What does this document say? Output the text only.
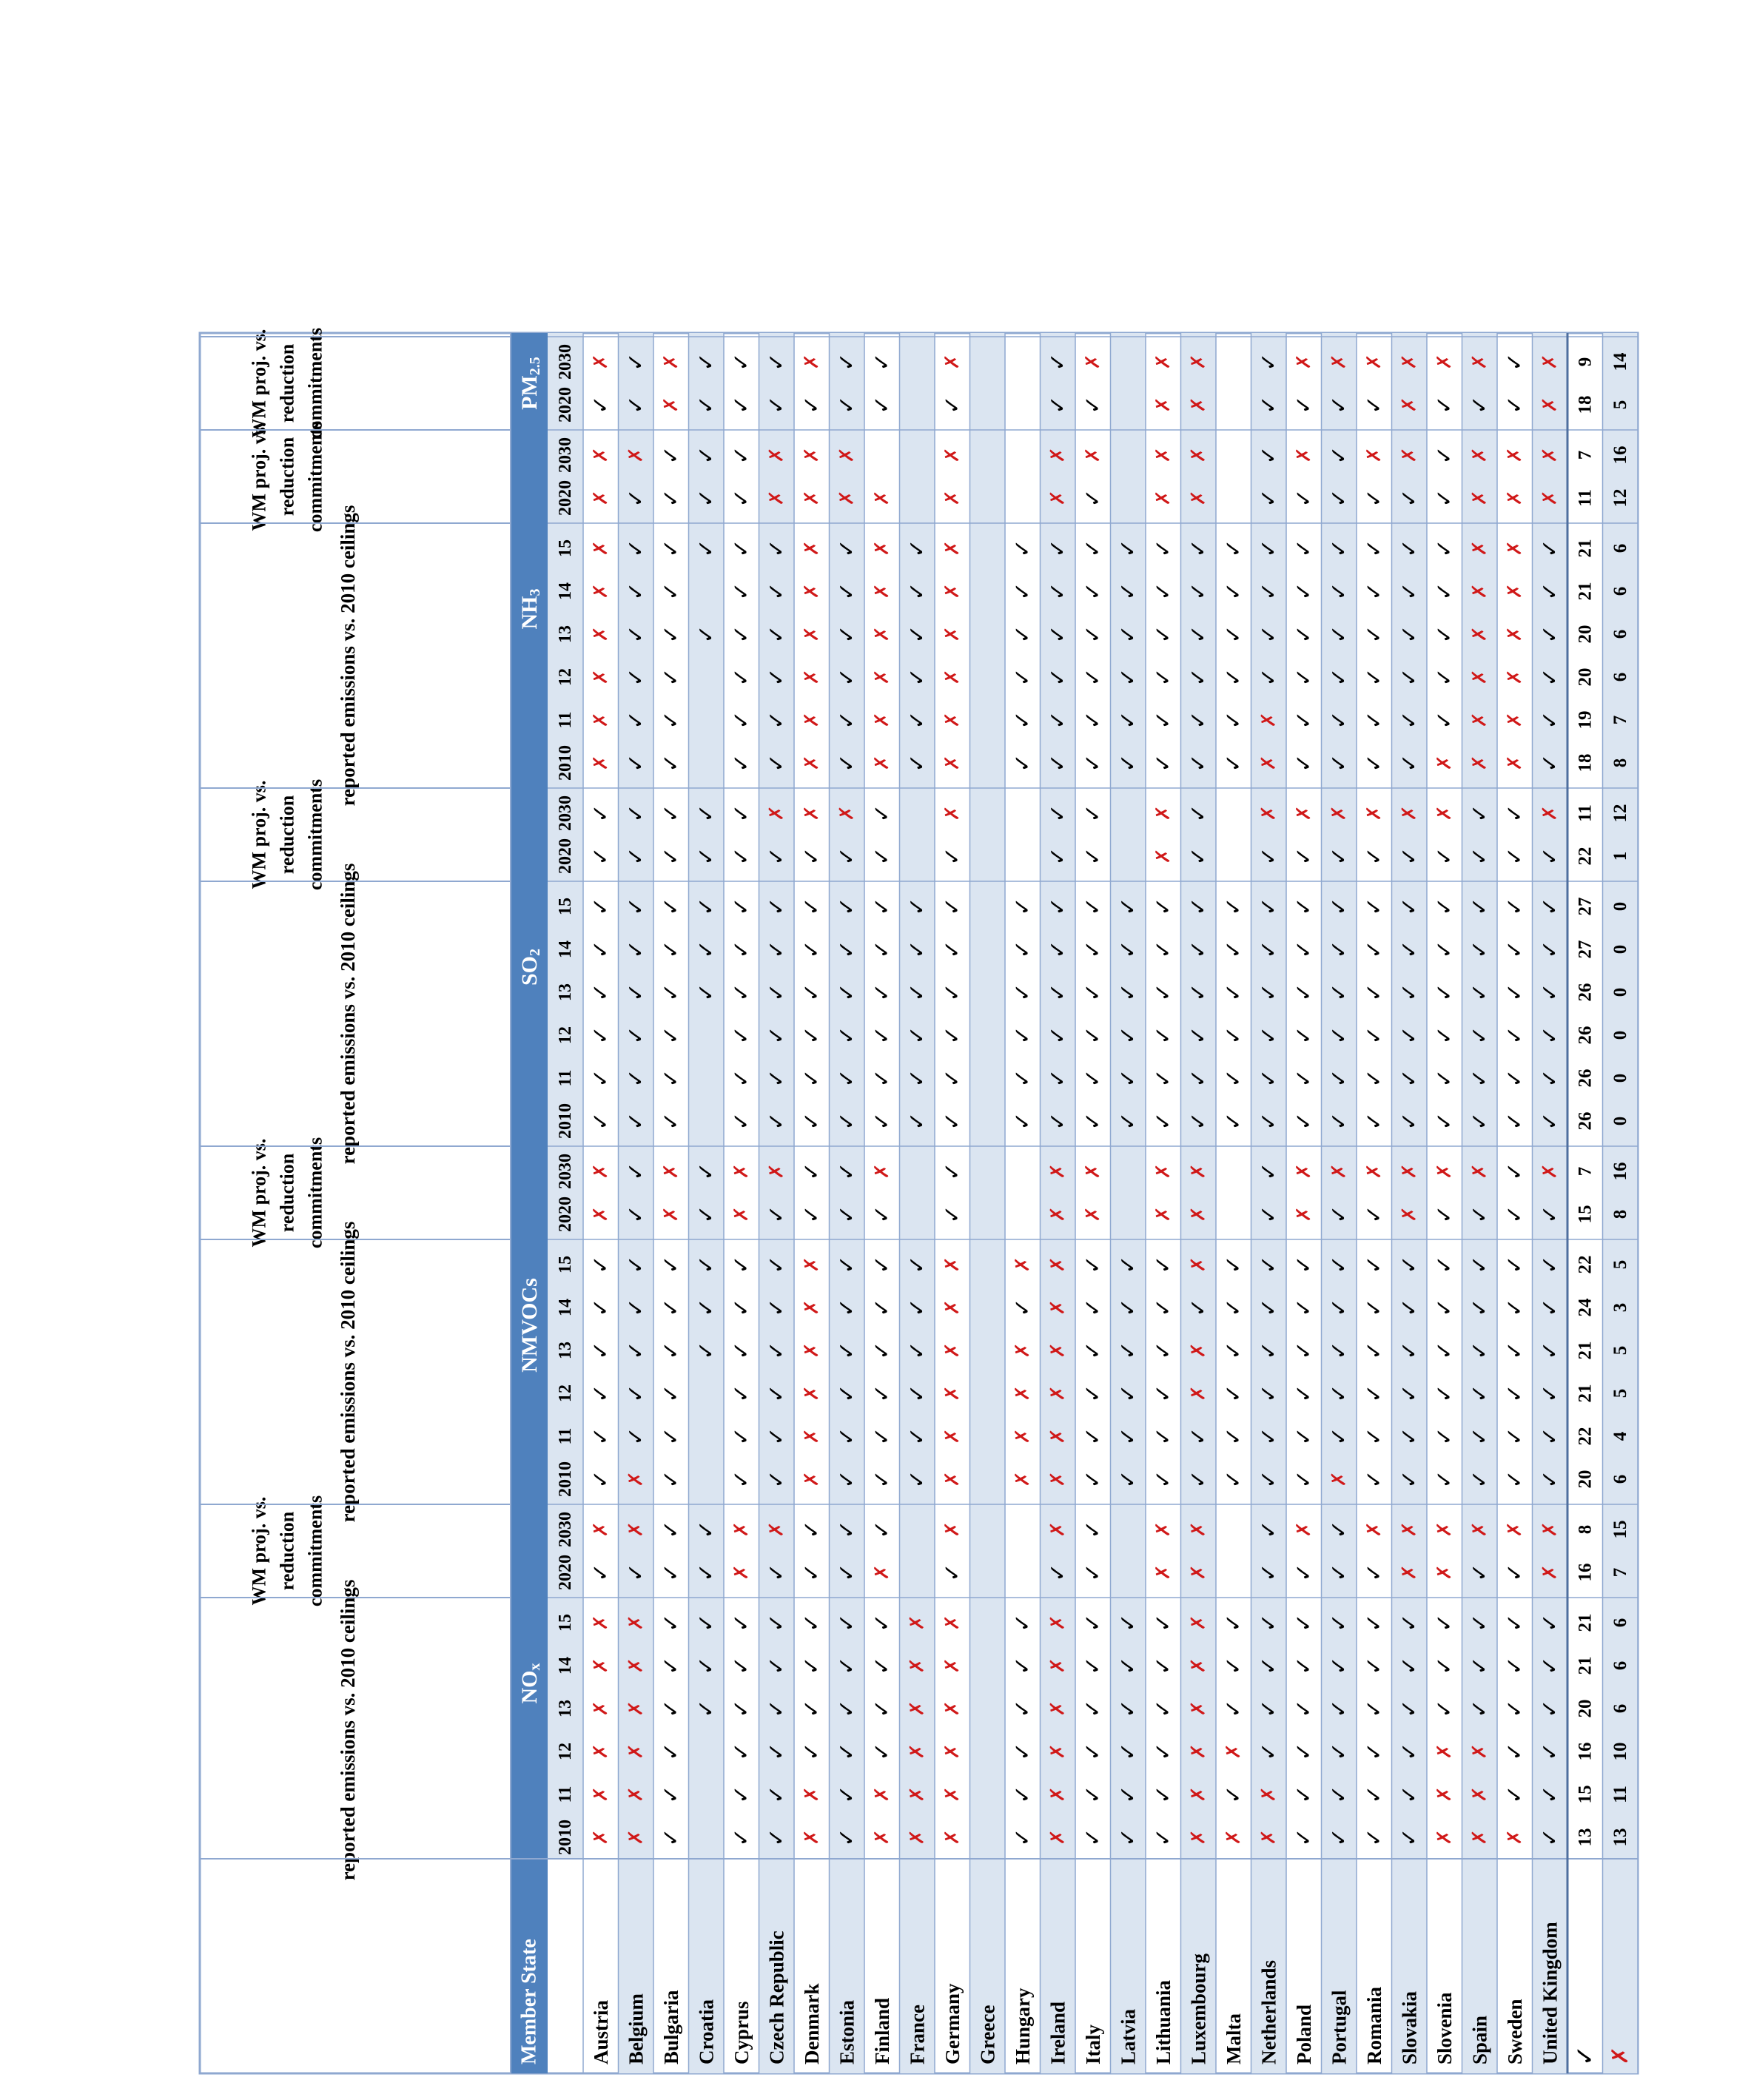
Member State
reported emissions vs. 2010 ceilings
WM proj. vs. reduction commitments
reported emissions vs. 2010 ceilings
WM proj. vs. reduction commitments
reported emissions vs. 2010 ceilings
WM proj. vs. reduction commitments
reported emissions vs. 2010 ceilings
WM proj. vs. reduction commitments
WM proj. vs. reduction commitments
$NO_x$
NMVOCs
$SO_2$
$NH_3$
$PM_{2.5}$
2010
11
12
13
14
15
2020
2030
2010
11
12
13
14
15
2020
2030
2010
11
12
13
14
15
2020
2030
2010
11
12
13
14
15
2020
2030
2020
2030
Austria
✗
✗
✗
✗
✗
✗
✓
✗
✓
✓
✓
✓
✓
✓
✗
✗
✓
✓
✓
✓
✓
✓
✓
✓
✗
✗
✗
✗
✗
✗
✗
✗
✓
✗
Belgium
✗
✗
✗
✗
✗
✗
✓
✗
✗
✓
✓
✓
✓
✓
✓
✓
✓
✓
✓
✓
✓
✓
✓
✓
✓
✓
✓
✓
✓
✓
✓
✗
✓
✓
Bulgaria
✓
✓
✓
✓
✓
✓
✓
✓
✓
✓
✓
✓
✓
✓
✗
✗
✓
✓
✓
✓
✓
✓
✓
✓
✓
✓
✓
✓
✓
✓
✓
✓
✗
✗
Croatia
✓
✓
✓
✓
✓
✓
✓
✓
✓
✓
✓
✓
✓
✓
✓
✓
✓
✓
✓
✓
✓
Cyprus
✓
✓
✓
✓
✓
✓
✗
✗
✓
✓
✓
✓
✓
✓
✗
✗
✓
✓
✓
✓
✓
✓
✓
✓
✓
✓
✓
✓
✓
✓
✓
✓
✓
✓
Czech Republic
✓
✓
✓
✓
✓
✓
✓
✗
✓
✓
✓
✓
✓
✓
✓
✗
✓
✓
✓
✓
✓
✓
✓
✗
✓
✓
✓
✓
✓
✓
✗
✗
✓
✓
Denmark
✗
✗
✓
✓
✓
✓
✓
✓
✗
✗
✗
✗
✗
✗
✓
✓
✓
✓
✓
✓
✓
✓
✓
✗
✗
✗
✗
✗
✗
✗
✗
✗
✓
✗
Estonia
✓
✓
✓
✓
✓
✓
✓
✓
✓
✓
✓
✓
✓
✓
✓
✓
✓
✓
✓
✓
✓
✓
✓
✗
✓
✓
✓
✓
✓
✓
✗
✗
✓
✓
Finland
✗
✗
✓
✓
✓
✓
✗
✓
✓
✓
✓
✓
✓
✓
✓
✗
✓
✓
✓
✓
✓
✓
✓
✓
✗
✗
✗
✗
✗
✗
✗
✓
✓
France
✗
✗
✗
✗
✗
✗
✓
✓
✓
✓
✓
✓
✓
✓
✓
✓
✓
✓
✓
✓
✓
✓
✓
✓
Germany
✗
✗
✗
✗
✗
✗
✓
✗
✗
✗
✗
✗
✗
✗
✓
✓
✓
✓
✓
✓
✓
✓
✓
✗
✗
✗
✗
✗
✗
✗
✗
✗
✓
✗
Greece Hungary
✓
✓
✓
✓
✓
✓
✗
✗
✗
✗
✓
✗
✓
✓
✓
✓
✓
✓
✓
✓
✓
✓
✓
✓
Ireland
✗
✗
✗
✗
✗
✗
✓
✗
✗
✗
✗
✗
✗
✗
✗
✗
✓
✓
✓
✓
✓
✓
✓
✓
✓
✓
✓
✓
✓
✓
✗
✗
✓
✓
Italy
✓
✓
✓
✓
✓
✓
✓
✓
✓
✓
✓
✓
✓
✓
✗
✗
✓
✓
✓
✓
✓
✓
✓
✓
✓
✓
✓
✓
✓
✓
✓
✗
✓
✗
Latvia
✓
✓
✓
✓
✓
✓
✓
✓
✓
✓
✓
✓
✓
✓
✓
✓
✓
✓
✓
✓
✓
✓
✓
✓
Lithuania
✓
✓
✓
✓
✓
✓
✗
✗
✓
✓
✓
✓
✓
✓
✗
✗
✓
✓
✓
✓
✓
✓
✗
✗
✓
✓
✓
✓
✓
✓
✗
✗
✗
✗
Luxembourg
✗
✗
✗
✗
✗
✗
✗
✗
✓
✓
✗
✗
✓
✗
✗
✗
✓
✓
✓
✓
✓
✓
✓
✓
✓
✓
✓
✓
✓
✓
✗
✗
✗
✗
Malta
✗
✓
✗
✓
✓
✓
✓
✓
✓
✓
✓
✓
✓
✓
✓
✓
✓
✓
✓
✓
✓
✓
✓
✓
Netherlands
✗
✗
✓
✓
✓
✓
✓
✓
✓
✓
✓
✓
✓
✓
✓
✓
✓
✓
✓
✓
✓
✓
✓
✗
✗
✗
✓
✓
✓
✓
✓
✓
✓
✓
Poland
✓
✓
✓
✓
✓
✓
✓
✗
✓
✓
✓
✓
✓
✓
✗
✗
✓
✓
✓
✓
✓
✓
✓
✗
✓
✓
✓
✓
✓
✓
✓
✗
✓
✗
Portugal
✓
✓
✓
✓
✓
✓
✓
✓
✗
✓
✓
✓
✓
✓
✓
✗
✓
✓
✓
✓
✓
✓
✓
✗
✓
✓
✓
✓
✓
✓
✓
✓
✓
✗
Romania
✓
✓
✓
✓
✓
✓
✓
✗
✓
✓
✓
✓
✓
✓
✓
✗
✓
✓
✓
✓
✓
✓
✓
✗
✓
✓
✓
✓
✓
✓
✓
✗
✓
✗
Slovakia
✓
✓
✓
✓
✓
✓
✗
✗
✓
✓
✓
✓
✓
✓
✗
✗
✓
✓
✓
✓
✓
✓
✓
✗
✓
✓
✓
✓
✓
✓
✓
✗
✗
✗
Slovenia
✗
✗
✗
✓
✓
✓
✗
✗
✓
✓
✓
✓
✓
✓
✓
✗
✓
✓
✓
✓
✓
✓
✓
✗
✗
✓
✓
✓
✓
✓
✓
✓
✓
✗
Spain
✗
✗
✗
✓
✓
✓
✓
✗
✓
✓
✓
✓
✓
✓
✓
✗
✓
✓
✓
✓
✓
✓
✓
✓
✗
✗
✗
✗
✗
✗
✗
✗
✓
✗
Sweden
✗
✓
✓
✓
✓
✓
✓
✗
✓
✓
✓
✓
✓
✓
✓
✓
✓
✓
✓
✓
✓
✓
✓
✓
✗
✗
✗
✗
✗
✗
✗
✗
✓
✓
United Kingdom
✓
✓
✓
✓
✓
✓
✗
✗
✓
✓
✓
✓
✓
✓
✓
✗
✓
✓
✓
✓
✓
✓
✓
✗
✓
✓
✓
✓
✓
✓
✗
✗
✗
✗
✓
13
15
16
20
21
21
16
8
20
22
21
21
24
22
15
7
26
26
26
26
27
27
22
11
18
19
20
20
21
21
11
7
18
9
✗
13
11
10
6
6
6
7
15
6
4
5
5
3
5
8
16
0
0
0
0
0
0
1
12
8
7
6
6
6
6
12
16
5
14
